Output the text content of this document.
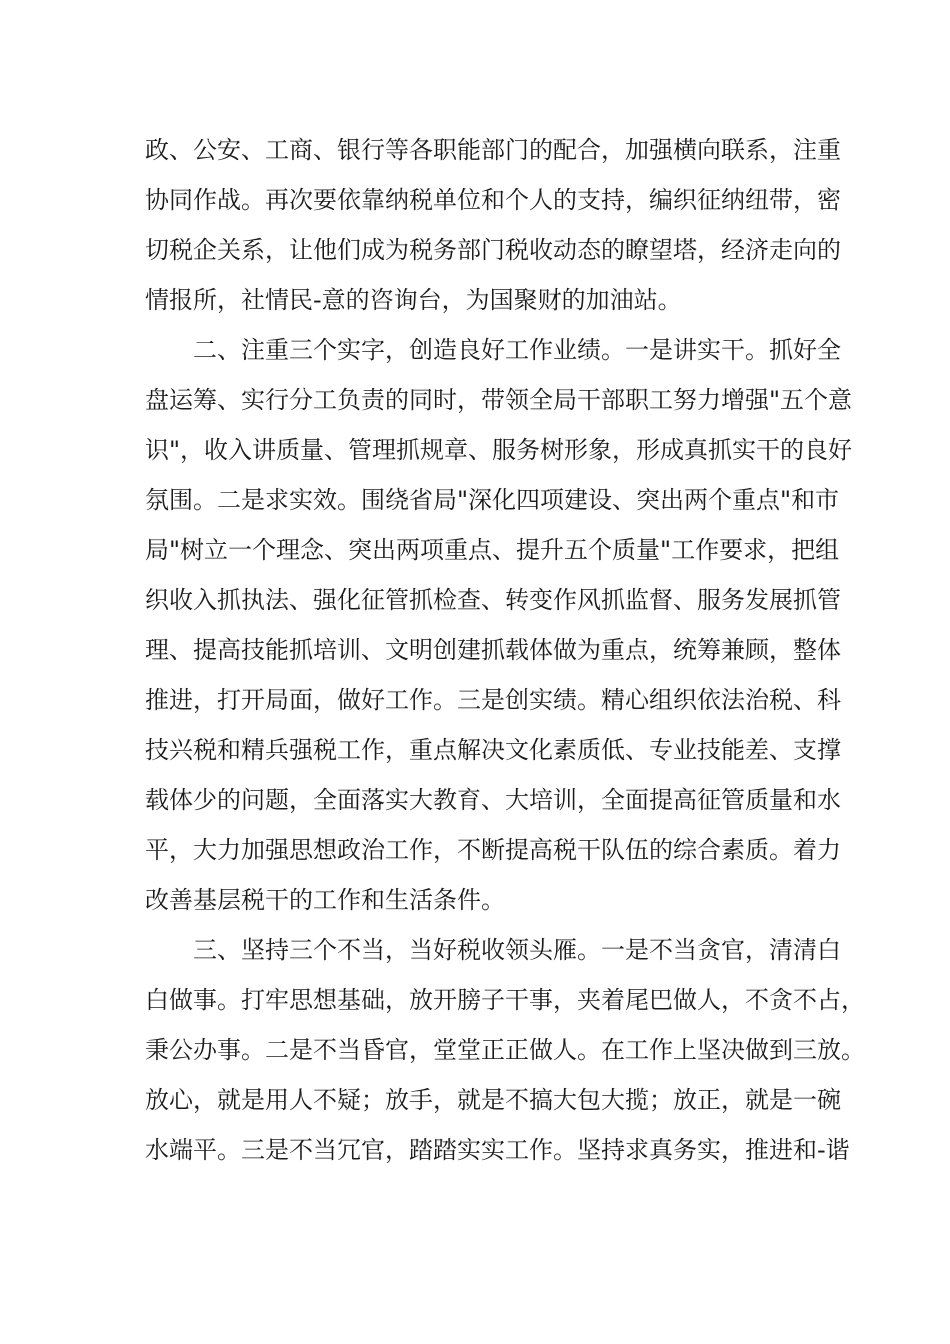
政、公安、工商、银行等各职能部门的配合，加强横向联系，注重
协同作战。再次要依靠纳税单位和个人的支持，编织征纳纽带，密
切税企关系，让他们成为税务部门税收动态的瞭望塔，经济走向的
情报所，社情民-意的咨询台，为国聚财的加油站。
二、注重三个实字，创造良好工作业绩。一是讲实干。抓好全
盘运筹、实行分工负责的同时，带领全局干部职工努力增强"五个意
识"，收入讲质量、管理抓规章、服务树形象，形成真抓实干的良好
氛围。二是求实效。围绕省局"深化四项建设、突出两个重点"和市
局"树立一个理念、突出两项重点、提升五个质量"工作要求，把组
织收入抓执法、强化征管抓检查、转变作风抓监督、服务发展抓管
理、提高技能抓培训、文明创建抓载体做为重点，统筹兼顾，整体
推进，打开局面，做好工作。三是创实绩。精心组织依法治税、科
技兴税和精兵强税工作，重点解决文化素质低、专业技能差、支撑
载体少的问题，全面落实大教育、大培训，全面提高征管质量和水
平，大力加强思想政治工作，不断提高税干队伍的综合素质。着力
改善基层税干的工作和生活条件。
三、坚持三个不当，当好税收领头雁。一是不当贪官，清清白
白做事。打牢思想基础，放开膀子干事，夹着尾巴做人，不贪不占，
秉公办事。二是不当昏官，堂堂正正做人。在工作上坚决做到三放。
放心，就是用人不疑；放手，就是不搞大包大揽；放正，就是一碗
水端平。三是不当冗官，踏踏实实工作。坚持求真务实，推进和-谐
